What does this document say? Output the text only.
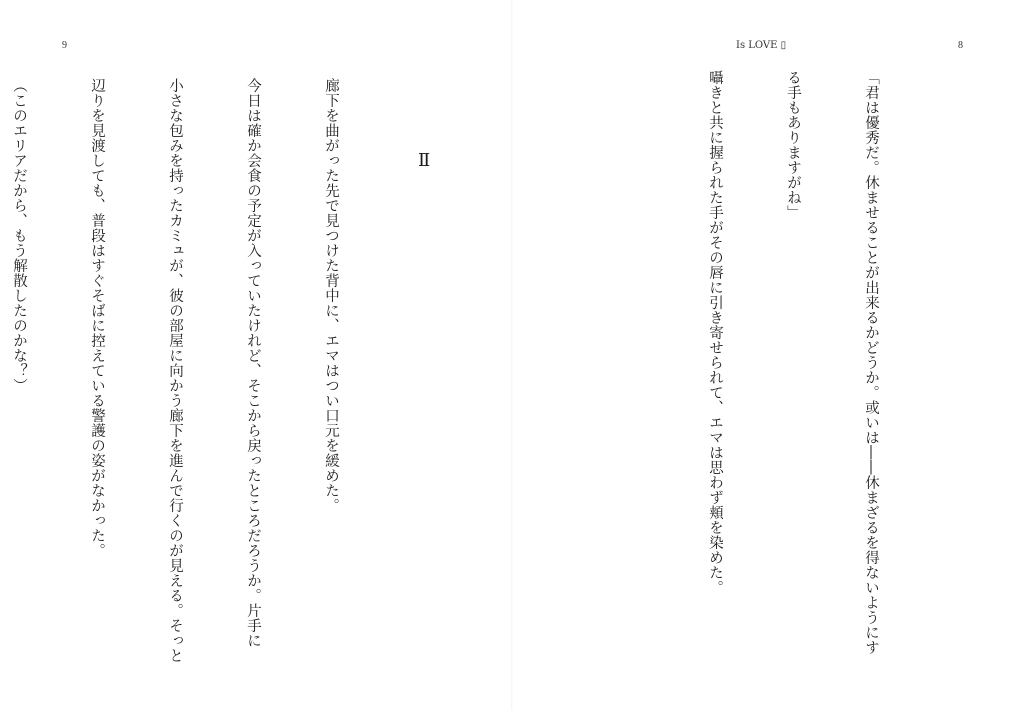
9	Is LOVE ▯	8

「君は優秀だ。休ませることが出来るかどうか。或いは――休まざるを得ないようにす

る手もありますがね」

囁きと共に握られた手がその唇に引き寄せられて、エマは思わず頬を染めた。

Ⅱ

廊下を曲がった先で見つけた背中に、エマはつい口元を緩めた。

今日は確か会食の予定が入っていたけれど、そこから戻ったところだろうか。片手に

小さな包みを持ったカミュが、彼の部屋に向かう廊下を進んで行くのが見える。そっと

辺りを見渡しても、普段はすぐそばに控えている警護の姿がなかった。

（このエリアだから、もう解散したのかな？）
